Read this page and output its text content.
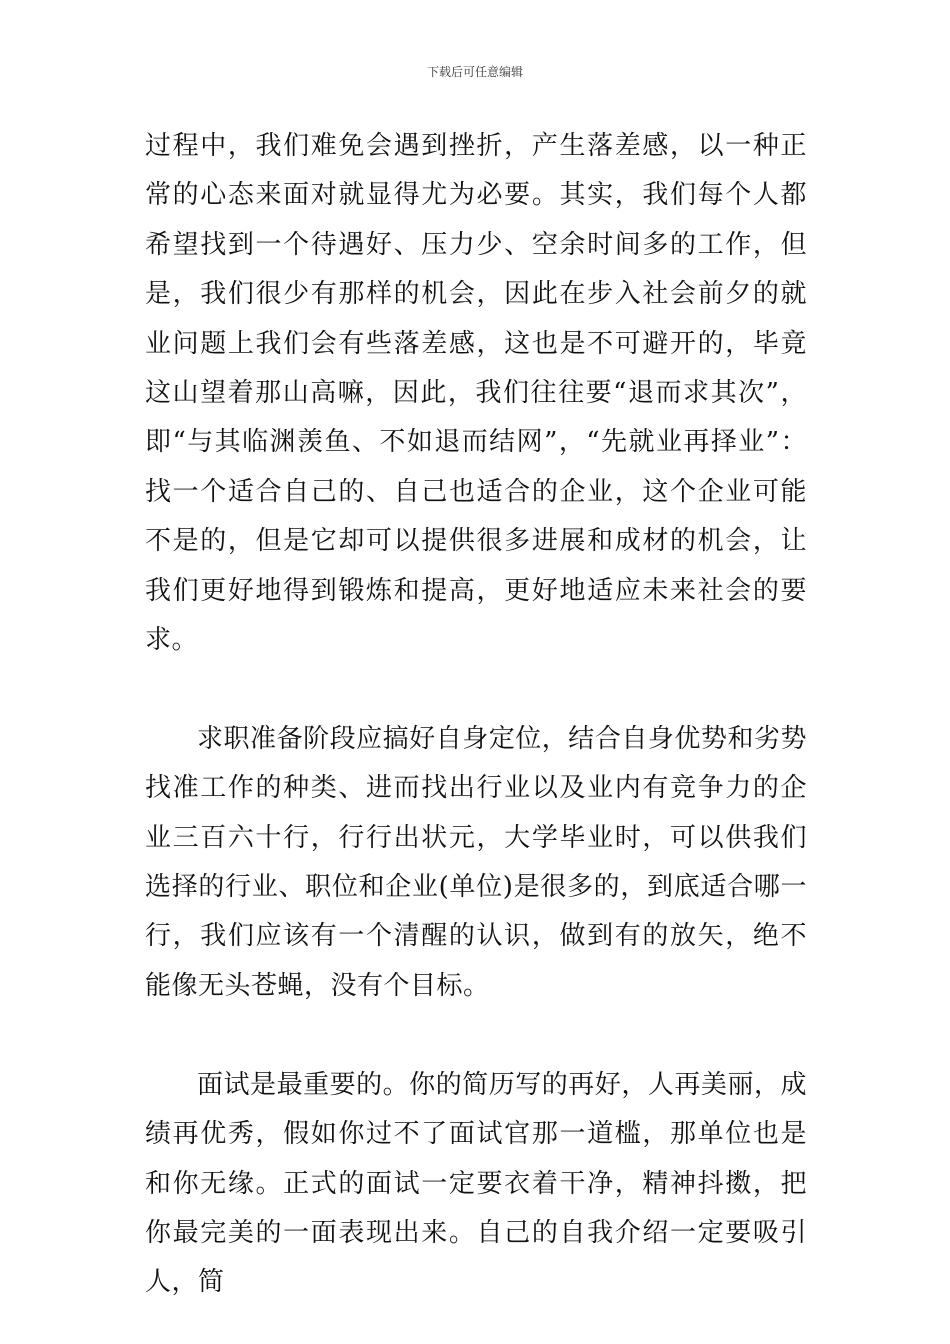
下载后可任意编辑

过程中，我们难免会遇到挫折，产生落差感，以一种正常的心态来面对就显得尤为必要。其实，我们每个人都希望找到一个待遇好、压力少、空余时间多的工作，但是，我们很少有那样的机会，因此在步入社会前夕的就业问题上我们会有些落差感，这也是不可避开的，毕竟这山望着那山高嘛，因此，我们往往要“退而求其次”，即“与其临渊羡鱼、不如退而结网”，“先就业再择业”：找一个适合自己的、自己也适合的企业，这个企业可能不是的，但是它却可以提供很多进展和成材的机会，让我们更好地得到锻炼和提高，更好地适应未来社会的要求。

求职准备阶段应搞好自身定位，结合自身优势和劣势找准工作的种类、进而找出行业以及业内有竞争力的企业三百六十行，行行出状元，大学毕业时，可以供我们选择的行业、职位和企业(单位)是很多的，到底适合哪一行，我们应该有一个清醒的认识，做到有的放矢，绝不能像无头苍蝇，没有个目标。

面试是最重要的。你的简历写的再好，人再美丽，成绩再优秀，假如你过不了面试官那一道槛，那单位也是和你无缘。正式的面试一定要衣着干净，精神抖擞，把你最完美的一面表现出来。自己的自我介绍一定要吸引人，简
